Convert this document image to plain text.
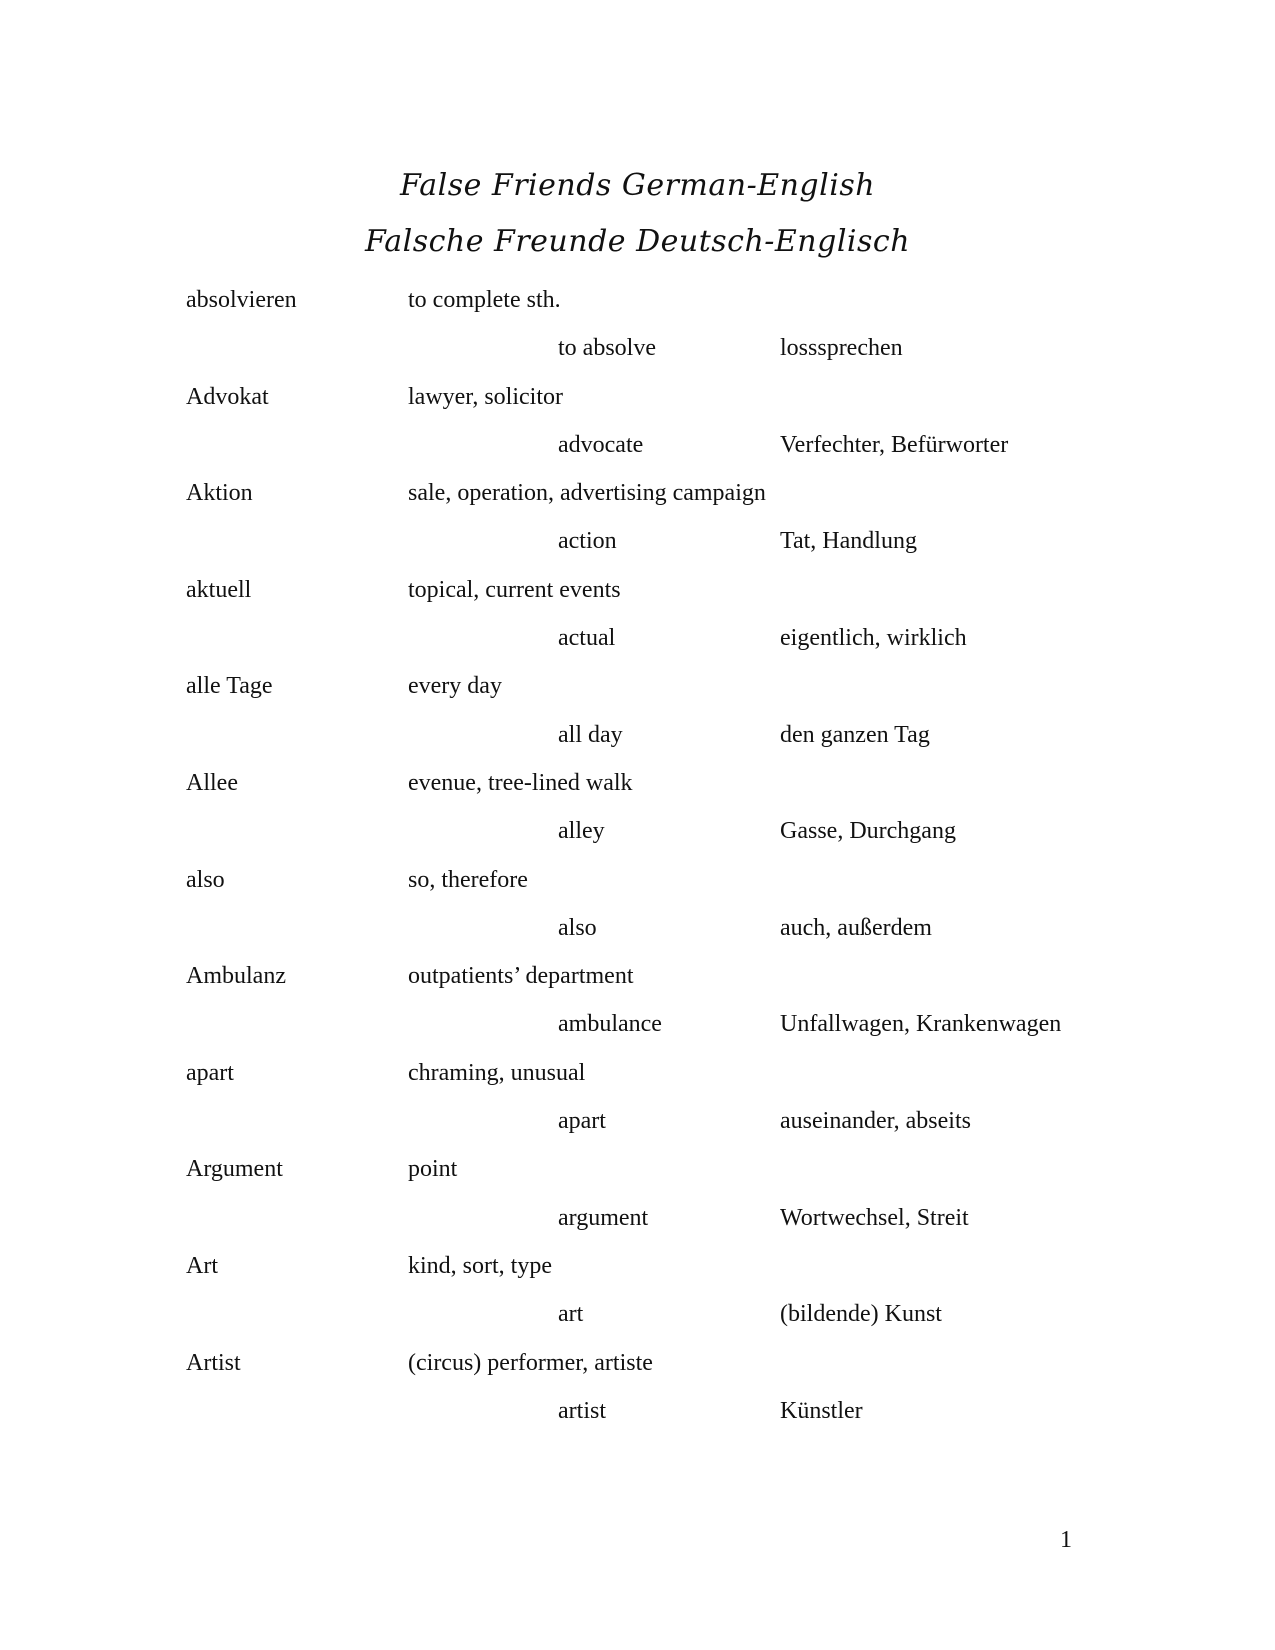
False Friends German-English
Falsche Freunde Deutsch-Englisch
absolvieren	to complete sth.
to absolve	losssprechen
Advokat	lawyer, solicitor
advocate	Verfechter, Befürworter
Aktion	sale, operation, advertising campaign
action	Tat, Handlung
aktuell	topical, current events
actual	eigentlich, wirklich
alle Tage	every day
all day	den ganzen Tag
Allee	evenue, tree-lined walk
alley	Gasse, Durchgang
also	so, therefore
also	auch, außerdem
Ambulanz	outpatients’ department
ambulance	Unfallwagen, Krankenwagen
apart	chraming, unusual
apart	auseinander, abseits
Argument	point
argument	Wortwechsel, Streit
Art	kind, sort, type
art	(bildende) Kunst
Artist	(circus) performer, artiste
artist	Künstler
1
